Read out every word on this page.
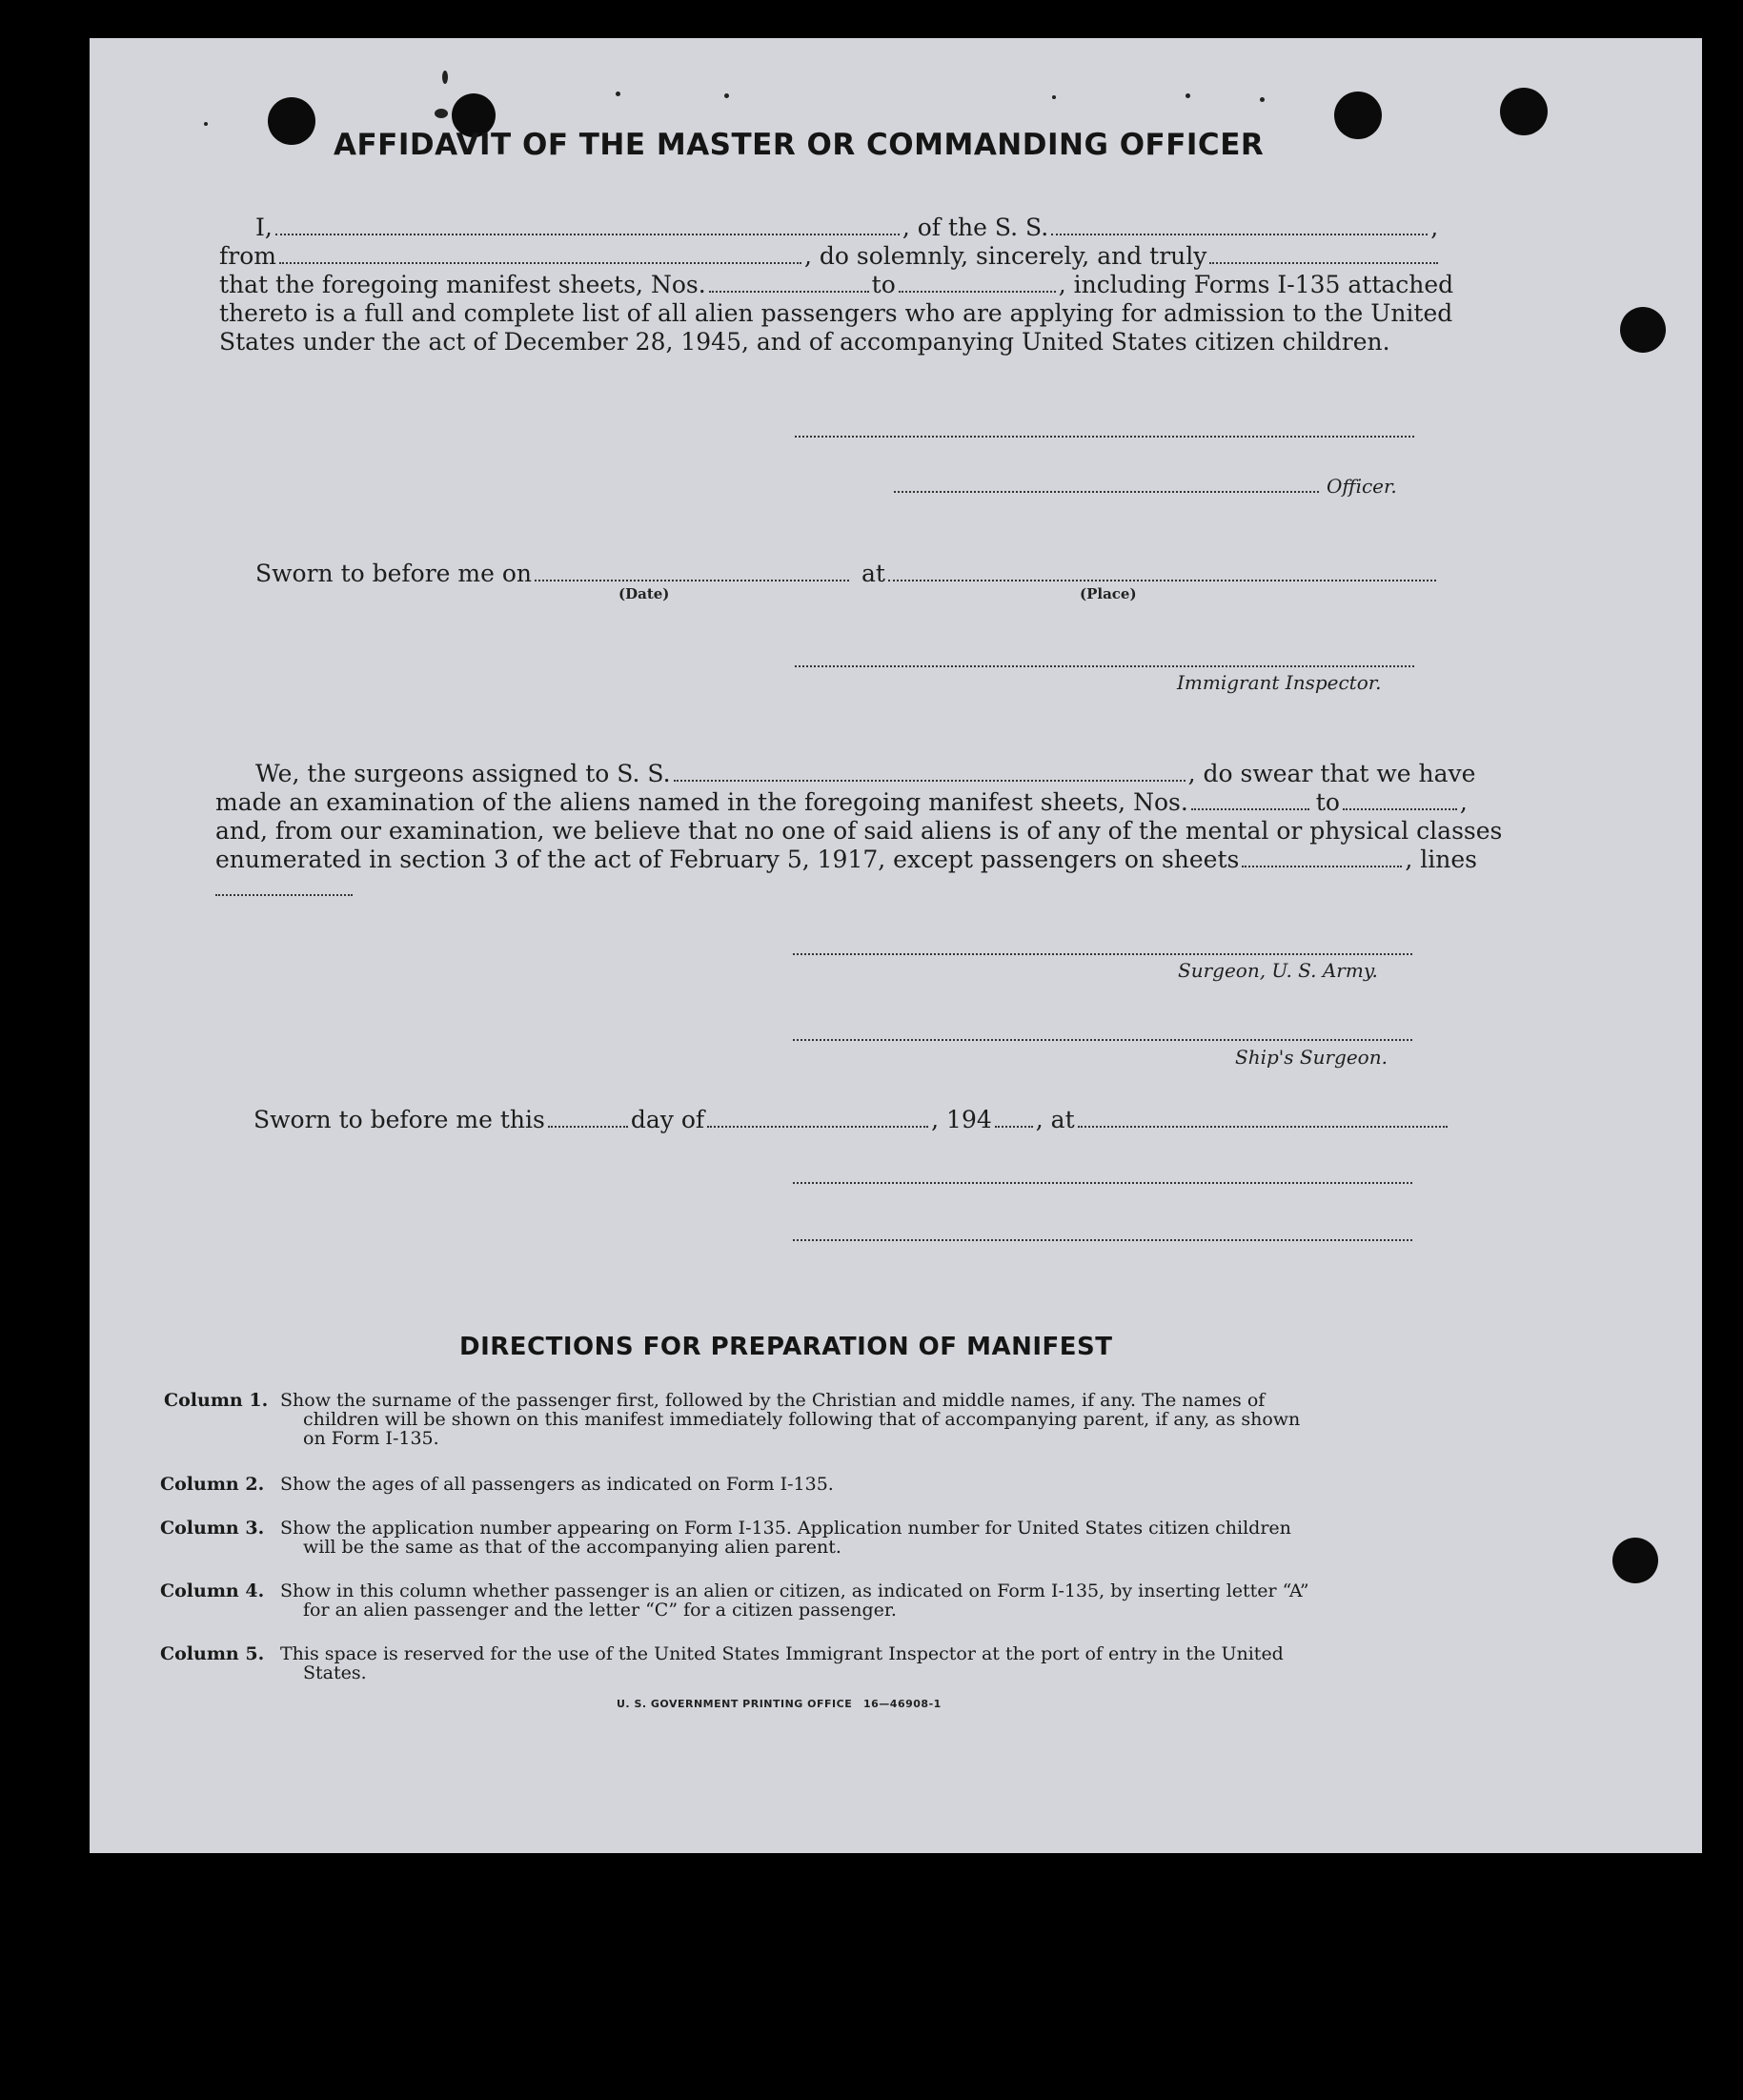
AFFIDAVIT OF THE MASTER OR COMMANDING OFFICER
I,	, of the S. S.	,
from	, do solemnly, sincerely, and truly
that the foregoing manifest sheets, Nos.	to	, including Forms I-135 attached
thereto is a full and complete list of all alien passengers who are applying for admission to the United
States under the act of December 28, 1945, and of accompanying United States citizen children.
Officer.
Sworn to before me on	at
(Date)	(Place)
Immigrant Inspector.
We, the surgeons assigned to S. S.	, do swear that we have
made an examination of the aliens named in the foregoing manifest sheets, Nos.	to	,
and, from our examination, we believe that no one of said aliens is of any of the mental or physical classes
enumerated in section 3 of the act of February 5, 1917, except passengers on sheets	, lines
Surgeon, U. S. Army.
Ship's Surgeon.
Sworn to before me this	day of	, 194 , at
DIRECTIONS FOR PREPARATION OF MANIFEST
Column 1. Show the surname of the passenger first, followed by the Christian and middle names, if any. The names of
children will be shown on this manifest immediately following that of accompanying parent, if any, as shown
on Form I-135.
Column 2. Show the ages of all passengers as indicated on Form I-135.
Column 3. Show the application number appearing on Form I-135. Application number for United States citizen children
will be the same as that of the accompanying alien parent.
Column 4. Show in this column whether passenger is an alien or citizen, as indicated on Form I-135, by inserting letter “A”
for an alien passenger and the letter “C” for a citizen passenger.
Column 5. This space is reserved for the use of the United States Immigrant Inspector at the port of entry in the United
States.
U. S. GOVERNMENT PRINTING OFFICE 16—46908-1
